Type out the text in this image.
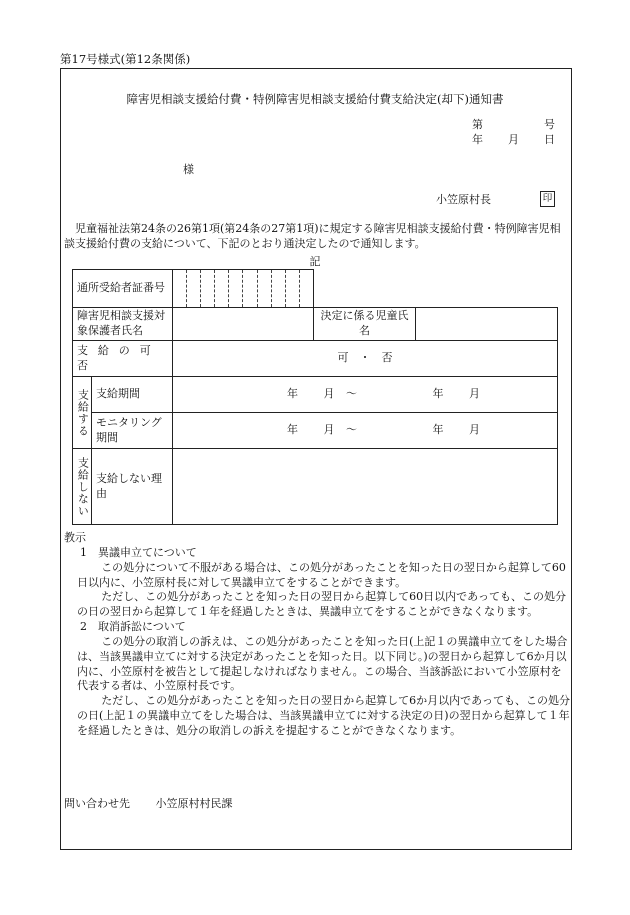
第17号様式(第12条関係)
障害児相談支援給付費・特例障害児相談支援給付費支給決定(却下)通知書
第	号
年 月 日
様
小笠原村長	印
児童福祉法第24条の26第1項(第24条の27第1項)に規定する障害児相談支援給付費・特例障害児相談支援給付費の支給について、下記のとおり通決定したので通知します。
記
通所受給者証番号			

障害児相談支援対象保護者氏名			決定に係る児童氏名	
支給の可否		可　・　否		
支給する	支給期間	年 月 〜 年 月		
	モニタリング期間	年 月 〜 年 月		
支給しない	支給しない理由			

教示

1　異議申立てについて

この処分について不服がある場合は、この処分があったことを知った日の翌日から起算して60日以内に、小笠原村長に対して異議申立てをすることができます。

ただし、この処分があったことを知った日の翌日から起算して60日以内であっても、この処分の日の翌日から起算して１年を経過したときは、異議申立てをすることができなくなります。

2　取消訴訟について

この処分の取消しの訴えは、この処分があったことを知った日(上記１の異議申立てをした場合は、当該異議申立てに対する決定があったことを知った日。以下同じ。)の翌日から起算して6か月以内に、小笠原村を被告として提起しなければなりません。この場合、当該訴訟において小笠原村を代表する者は、小笠原村長です。

ただし、この処分があったことを知った日の翌日から起算して6か月以内であっても、この処分の日(上記１の異議申立てをした場合は、当該異議申立てに対する決定の日)の翌日から起算して１年を経過したときは、処分の取消しの訴えを提起することができなくなります。

問い合わせ先 小笠原村村民課
